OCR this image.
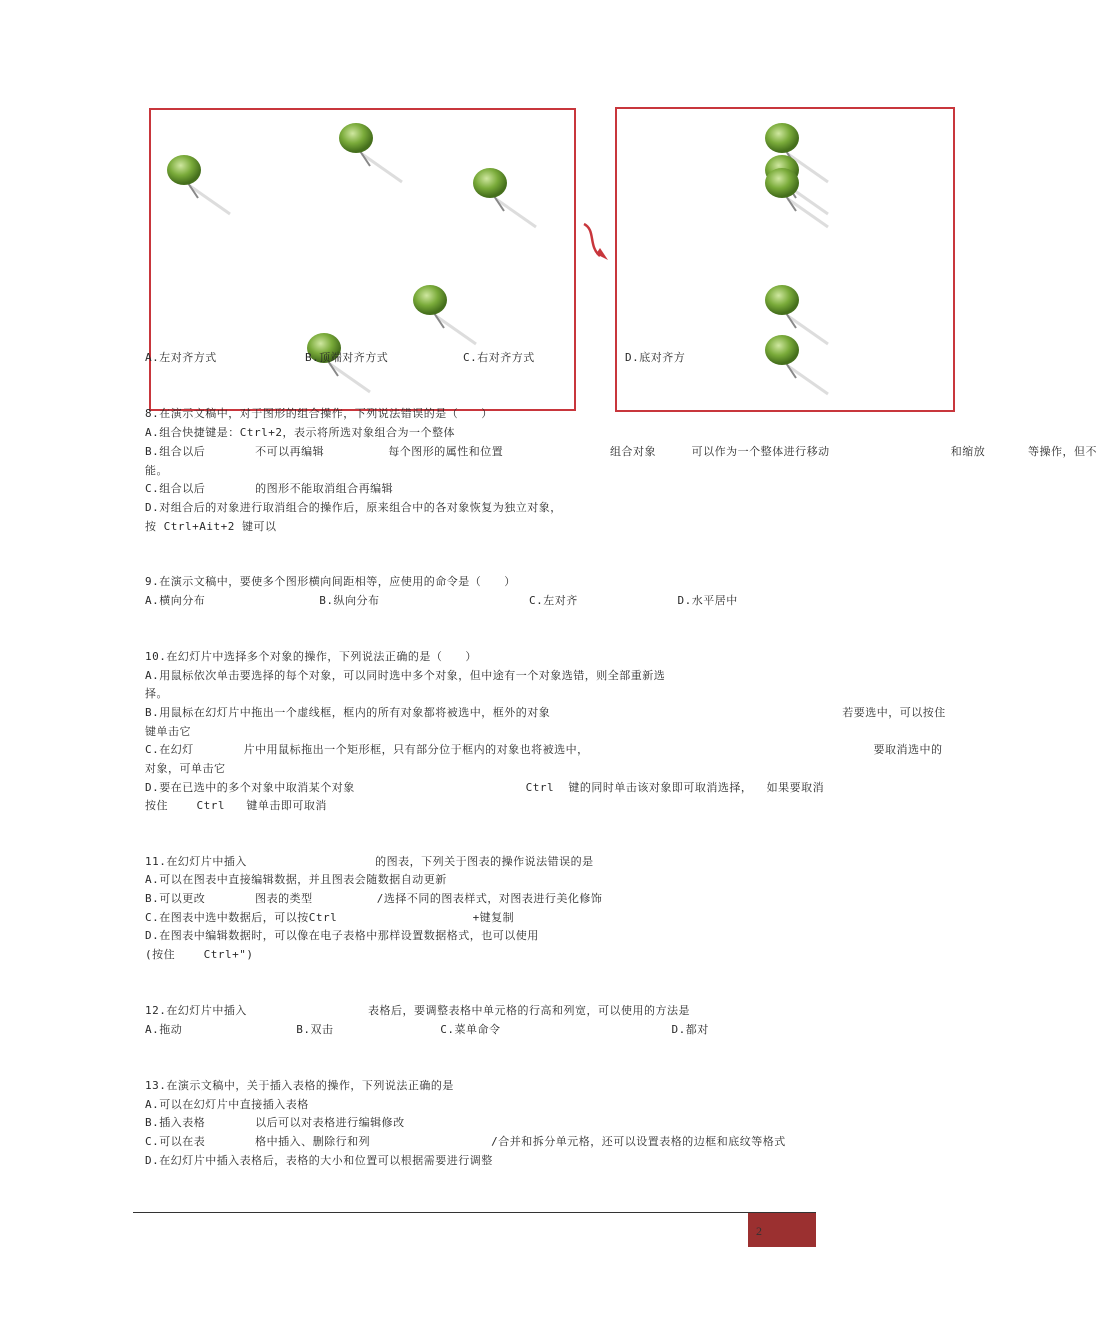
A.左对齐方式	B.顶端对齐方式	C.右对齐方式	D.底对齐方
8.在演示文稿中，对于图形的组合操作，下列说法错误的是（　　）
A.组合快捷键是：Ctrl+2，表示将所选对象组合为一个整体
B.组合以后       不可以再编辑         每个图形的属性和位置               组合对象     可以作为一个整体进行移动                 和缩放      等操作，但不
能。
C.组合以后       的图形不能取消组合再编辑
D.对组合后的对象进行取消组合的操作后，原来组合中的各对象恢复为独立对象，
按 Ctrl+Ait+2 键可以
9.在演示文稿中，要使多个图形横向间距相等，应使用的命令是（　　）
A.横向分布                B.纵向分布                     C.左对齐              D.水平居中
10.在幻灯片中选择多个对象的操作，下列说法正确的是（　　）
A.用鼠标依次单击要选择的每个对象，可以同时选中多个对象，但中途有一个对象选错，则全部重新选
择。
B.用鼠标在幻灯片中拖出一个虚线框，框内的所有对象都将被选中，框外的对象                                         若要选中，可以按住
键单击它
C.在幻灯       片中用鼠标拖出一个矩形框，只有部分位于框内的对象也将被选中，                                        要取消选中的
对象，可单击它
D.要在已选中的多个对象中取消某个对象                        Ctrl  键的同时单击该对象即可取消选择，  如果要取消
按住    Ctrl   键单击即可取消
11.在幻灯片中插入                  的图表，下列关于图表的操作说法错误的是
A.可以在图表中直接编辑数据，并且图表会随数据自动更新
B.可以更改       图表的类型         /选择不同的图表样式，对图表进行美化修饰
C.在图表中选中数据后，可以按Ctrl                   +键复制
D.在图表中编辑数据时，可以像在电子表格中那样设置数据格式，也可以使用
(按住    Ctrl+")
12.在幻灯片中插入                 表格后，要调整表格中单元格的行高和列宽，可以使用的方法是
A.拖动                B.双击               C.菜单命令                        D.都对
13.在演示文稿中，关于插入表格的操作，下列说法正确的是
A.可以在幻灯片中直接插入表格
B.插入表格       以后可以对表格进行编辑修改
C.可以在表       格中插入、删除行和列                 /合并和拆分单元格，还可以设置表格的边框和底纹等格式
D.在幻灯片中插入表格后，表格的大小和位置可以根据需要进行调整
2
